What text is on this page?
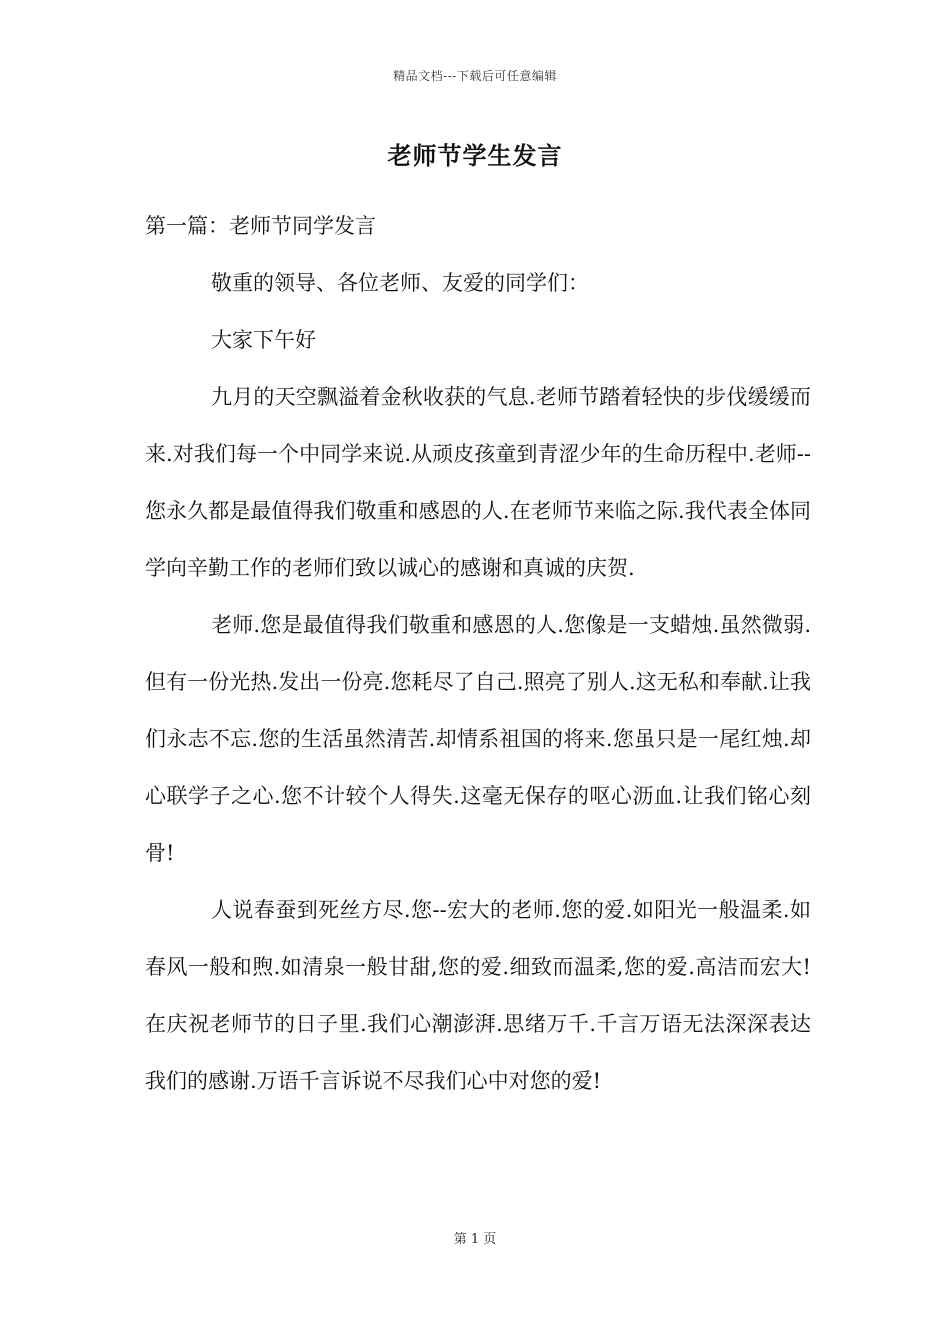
精品文档---下载后可任意编辑
老师节学生发言

第一篇：老师节同学发言

敬重的领导、各位老师、友爱的同学们：

大家下午好

九月的天空飘溢着金秋收获的气息.老师节踏着轻快的步伐缓缓而来.对我们每一个中同学来说.从顽皮孩童到青涩少年的生命历程中.老师--您永久都是最值得我们敬重和感恩的人.在老师节来临之际.我代表全体同学向辛勤工作的老师们致以诚心的感谢和真诚的庆贺.

老师.您是最值得我们敬重和感恩的人.您像是一支蜡烛.虽然微弱.但有一份光热.发出一份亮.您耗尽了自己.照亮了别人.这无私和奉献.让我们永志不忘.您的生活虽然清苦.却情系祖国的将来.您虽只是一尾红烛.却心联学子之心.您不计较个人得失.这毫无保存的呕心沥血.让我们铭心刻骨!

人说春蚕到死丝方尽.您--宏大的老师.您的爱.如阳光一般温柔.如春风一般和煦.如清泉一般甘甜,您的爱.细致而温柔,您的爱.高洁而宏大!在庆祝老师节的日子里.我们心潮澎湃.思绪万千.千言万语无法深深表达我们的感谢.万语千言诉说不尽我们心中对您的爱!

第 1 页
